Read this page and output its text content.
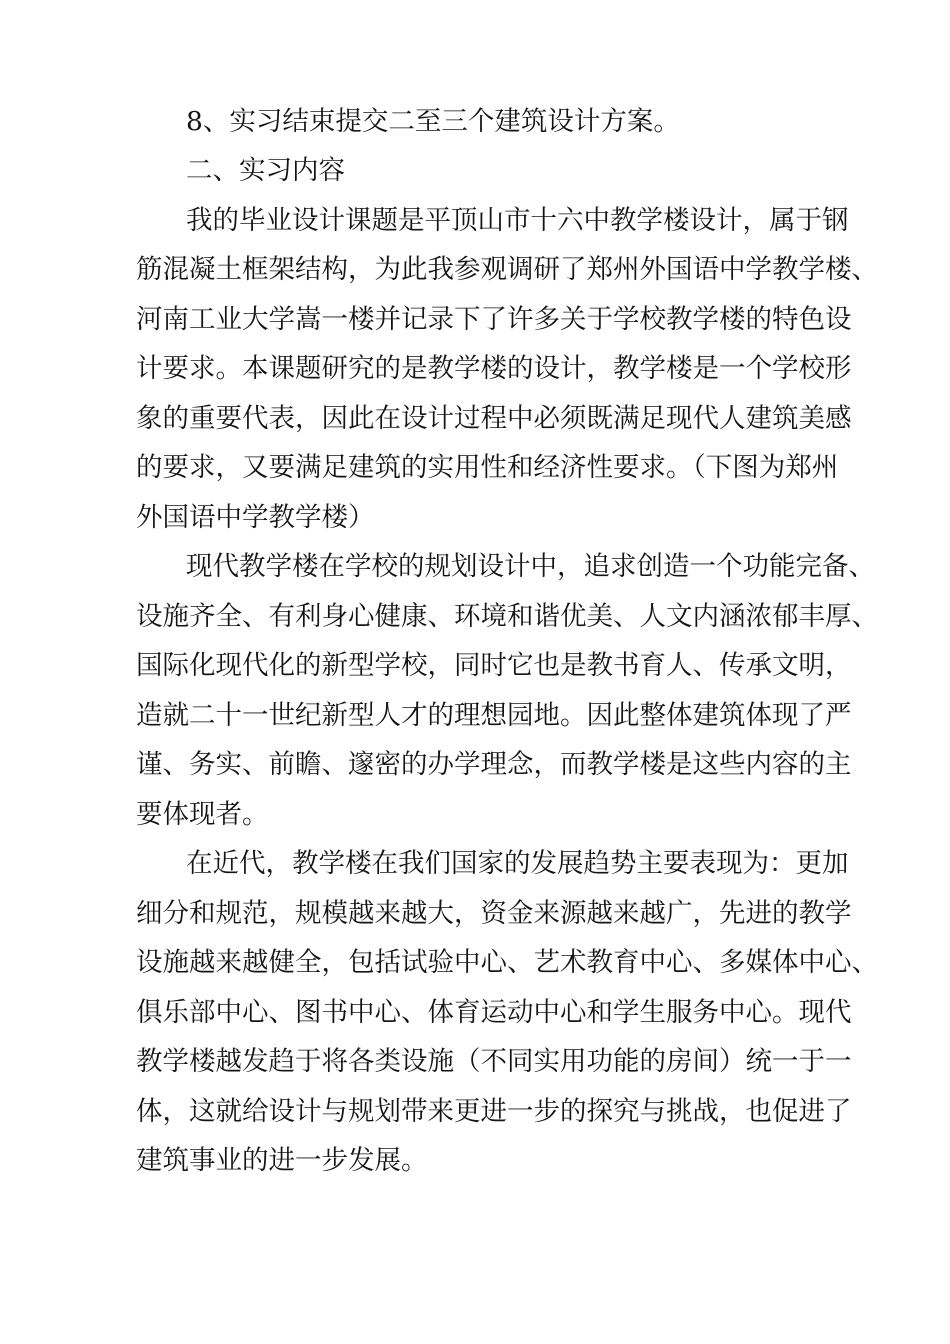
8、实习结束提交二至三个建筑设计方案。
二、实习内容
我的毕业设计课题是平顶山市十六中教学楼设计，属于钢
筋混凝土框架结构，为此我参观调研了郑州外国语中学教学楼、
河南工业大学嵩一楼并记录下了许多关于学校教学楼的特色设
计要求。本课题研究的是教学楼的设计，教学楼是一个学校形
象的重要代表，因此在设计过程中必须既满足现代人建筑美感
的要求，又要满足建筑的实用性和经济性要求。（下图为郑州
外国语中学教学楼）
现代教学楼在学校的规划设计中，追求创造一个功能完备、
设施齐全、有利身心健康、环境和谐优美、人文内涵浓郁丰厚、
国际化现代化的新型学校，同时它也是教书育人、传承文明，
造就二十一世纪新型人才的理想园地。因此整体建筑体现了严
谨、务实、前瞻、邃密的办学理念，而教学楼是这些内容的主
要体现者。
在近代，教学楼在我们国家的发展趋势主要表现为：更加
细分和规范，规模越来越大，资金来源越来越广，先进的教学
设施越来越健全，包括试验中心、艺术教育中心、多媒体中心、
俱乐部中心、图书中心、体育运动中心和学生服务中心。现代
教学楼越发趋于将各类设施（不同实用功能的房间）统一于一
体，这就给设计与规划带来更进一步的探究与挑战，也促进了
建筑事业的进一步发展。
